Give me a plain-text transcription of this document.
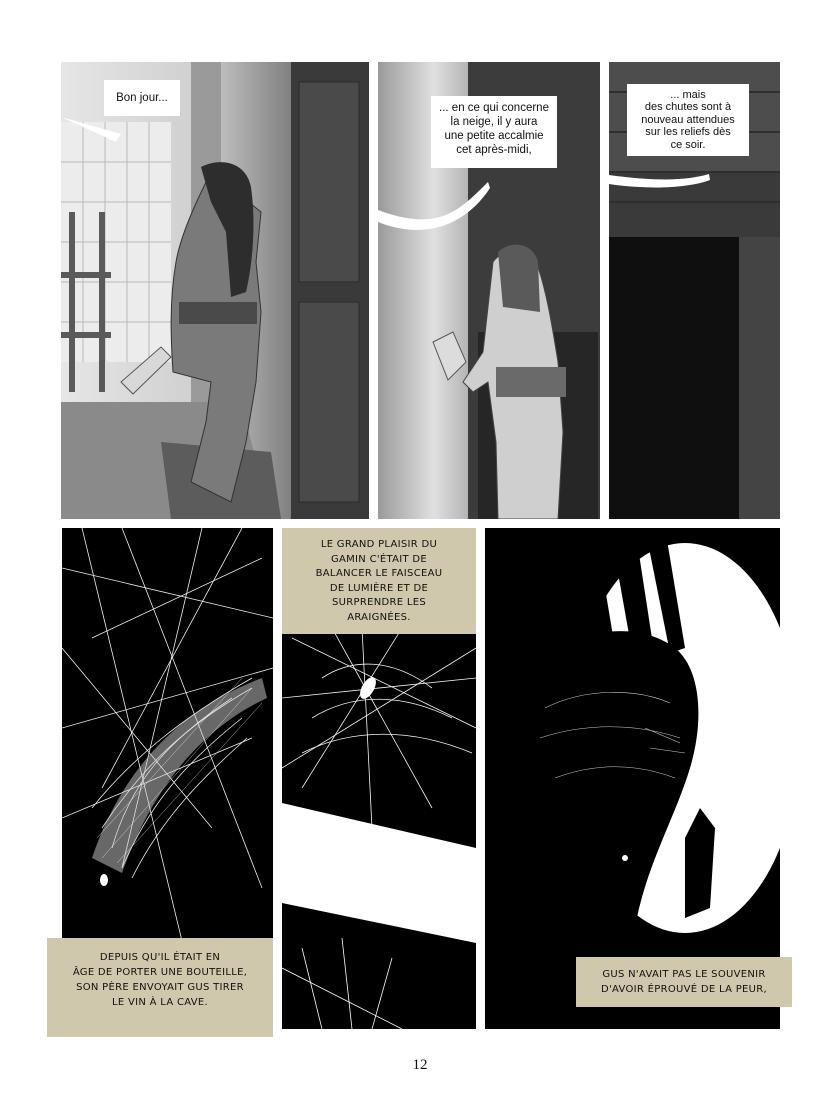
Bon jour...
... en ce qui concerne
la neige, il y aura
une petite accalmie
cet après-midi,
... mais
des chutes sont à
nouveau attendues
sur les reliefs dès
ce soir.
LE GRAND PLAISIR DU
GAMIN C'ÉTAIT DE
BALANCER LE FAISCEAU
DE LUMIÈRE ET DE
SURPRENDRE LES
ARAIGNÉES.
12
DEPUIS QU'IL ÉTAIT EN
ÂGE DE PORTER UNE BOUTEILLE,
SON PÈRE ENVOYAIT GUS TIRER
LE VIN À LA CAVE.
GUS N'AVAIT PAS LE SOUVENIR
D'AVOIR ÉPROUVÉ DE LA PEUR,
